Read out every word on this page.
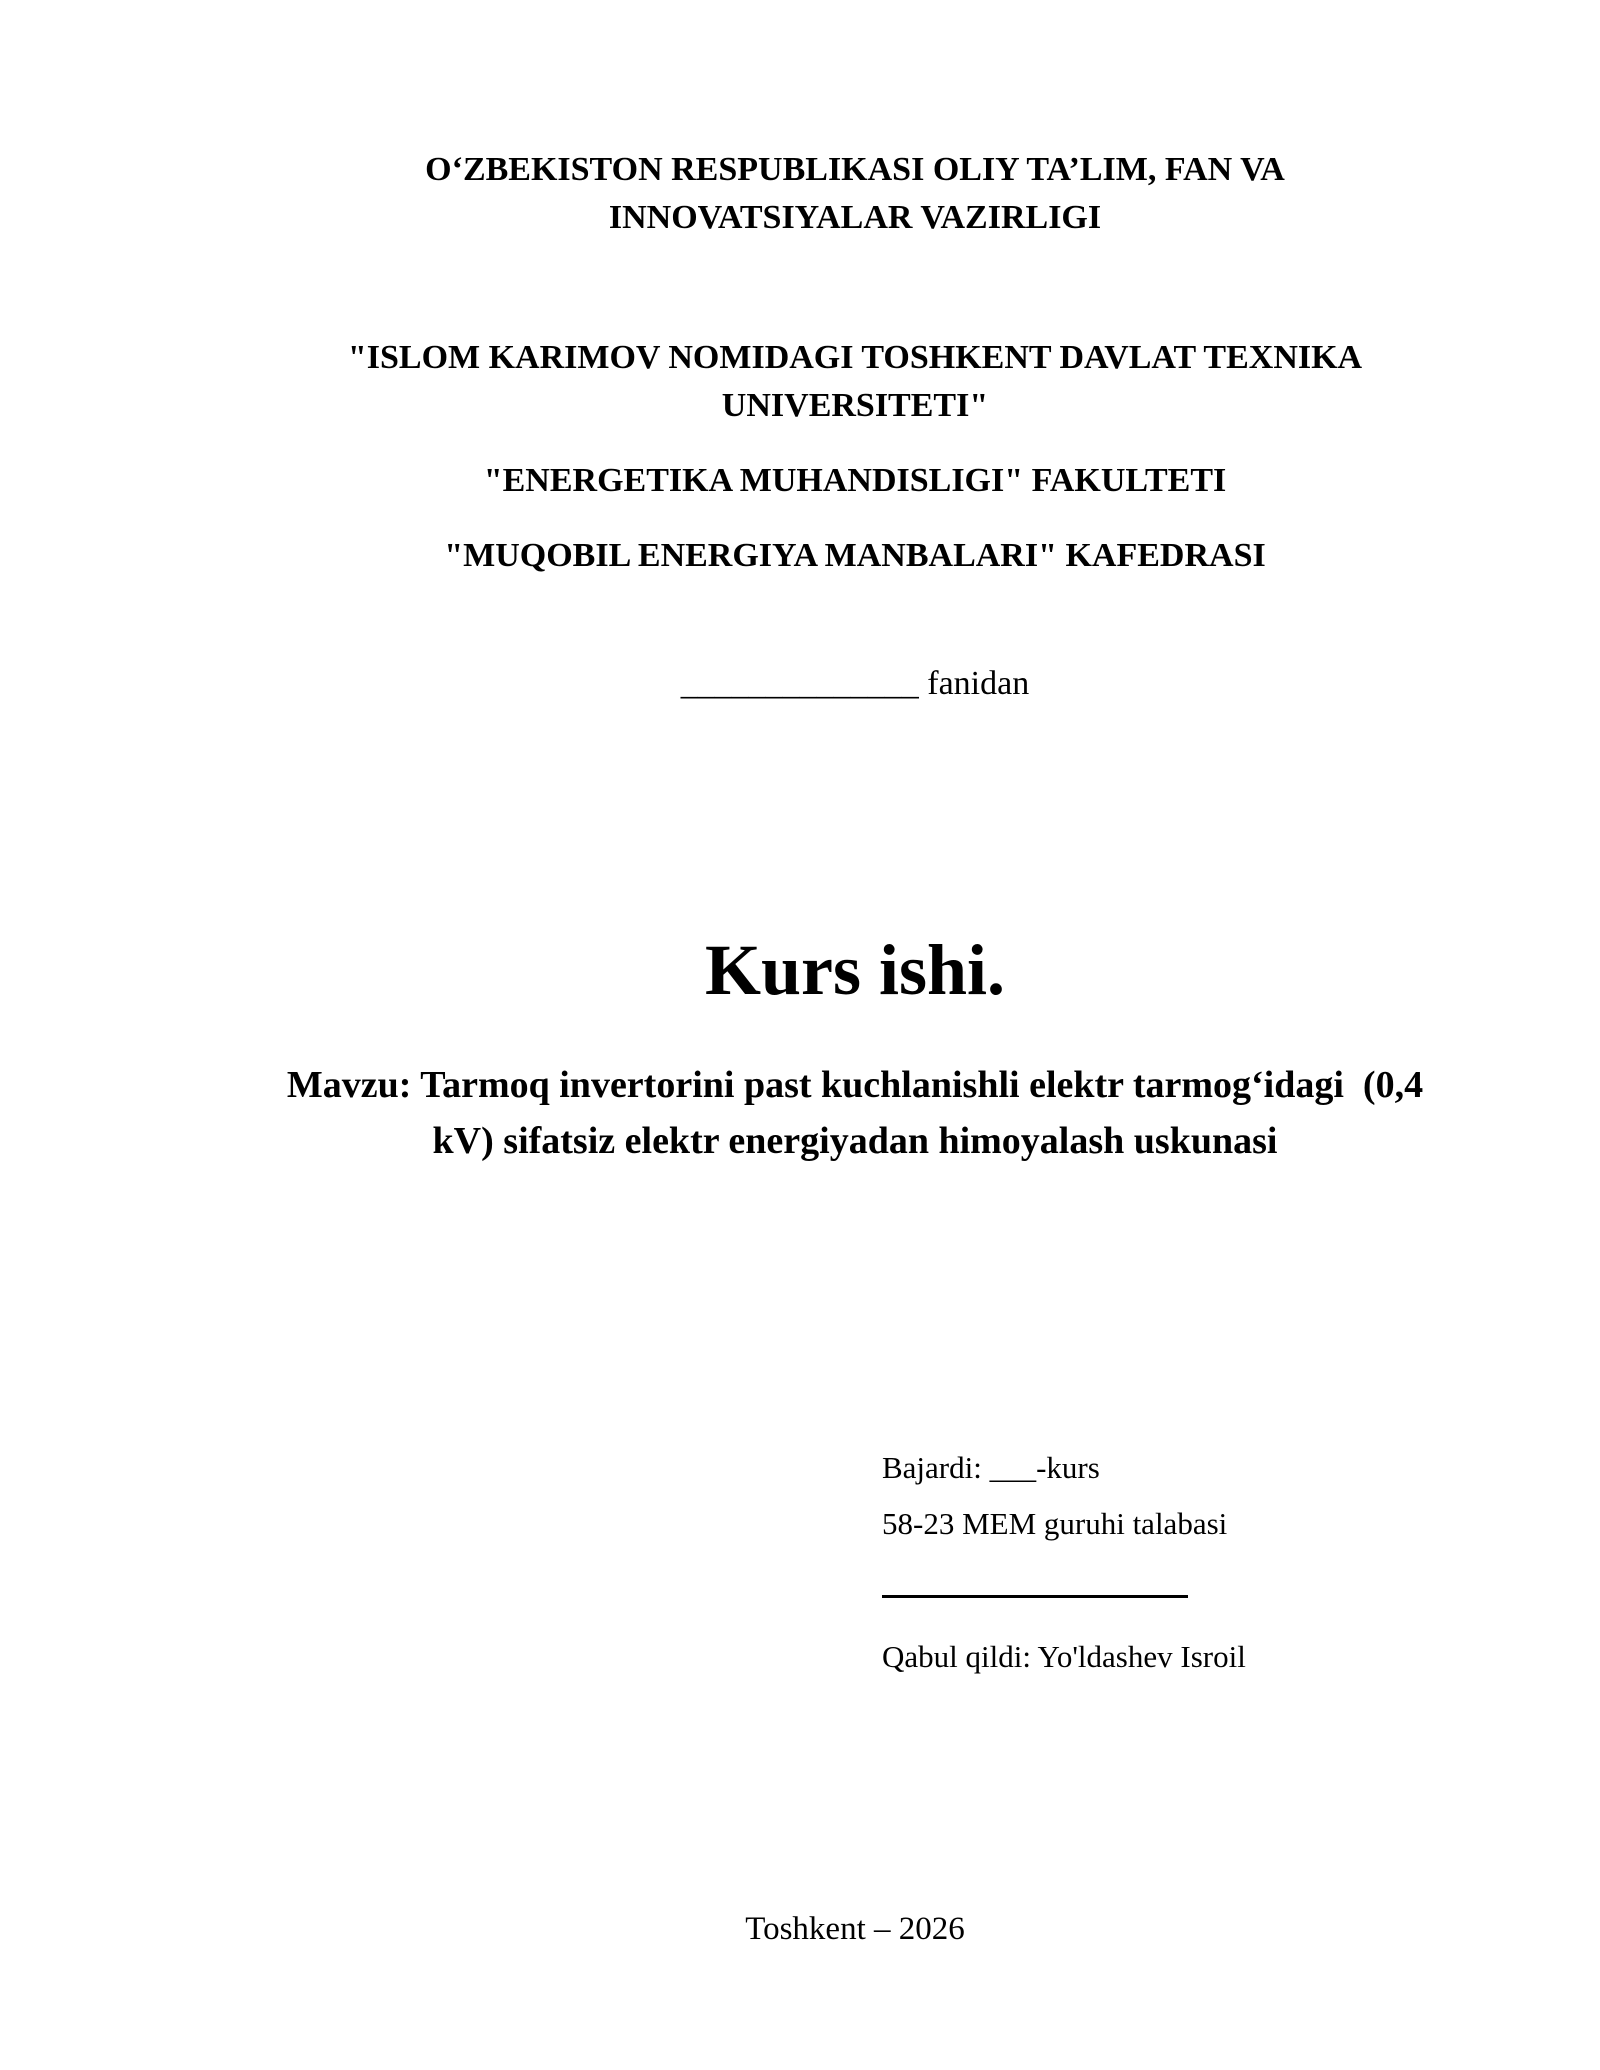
O‘ZBEKISTON RESPUBLIKASI OLIY TA’LIM, FAN VA
INNOVATSIYALAR VAZIRLIGI
"ISLOM KARIMOV NOMIDAGI TOSHKENT DAVLAT TEXNIKA
UNIVERSITETI"
"ENERGETIKA MUHANDISLIGI" FAKULTETI
"MUQOBIL ENERGIYA MANBALARI" KAFEDRASI
______________ fanidan
Kurs ishi.
Mavzu: Tarmoq invertorini past kuchlanishli elektr tarmog‘idagi  (0,4
kV) sifatsiz elektr energiyadan himoyalash uskunasi
Bajardi: ___-kurs
58-23 MEM guruhi talabasi
Qabul qildi: Yo'ldashev Isroil
Toshkent – 2026
